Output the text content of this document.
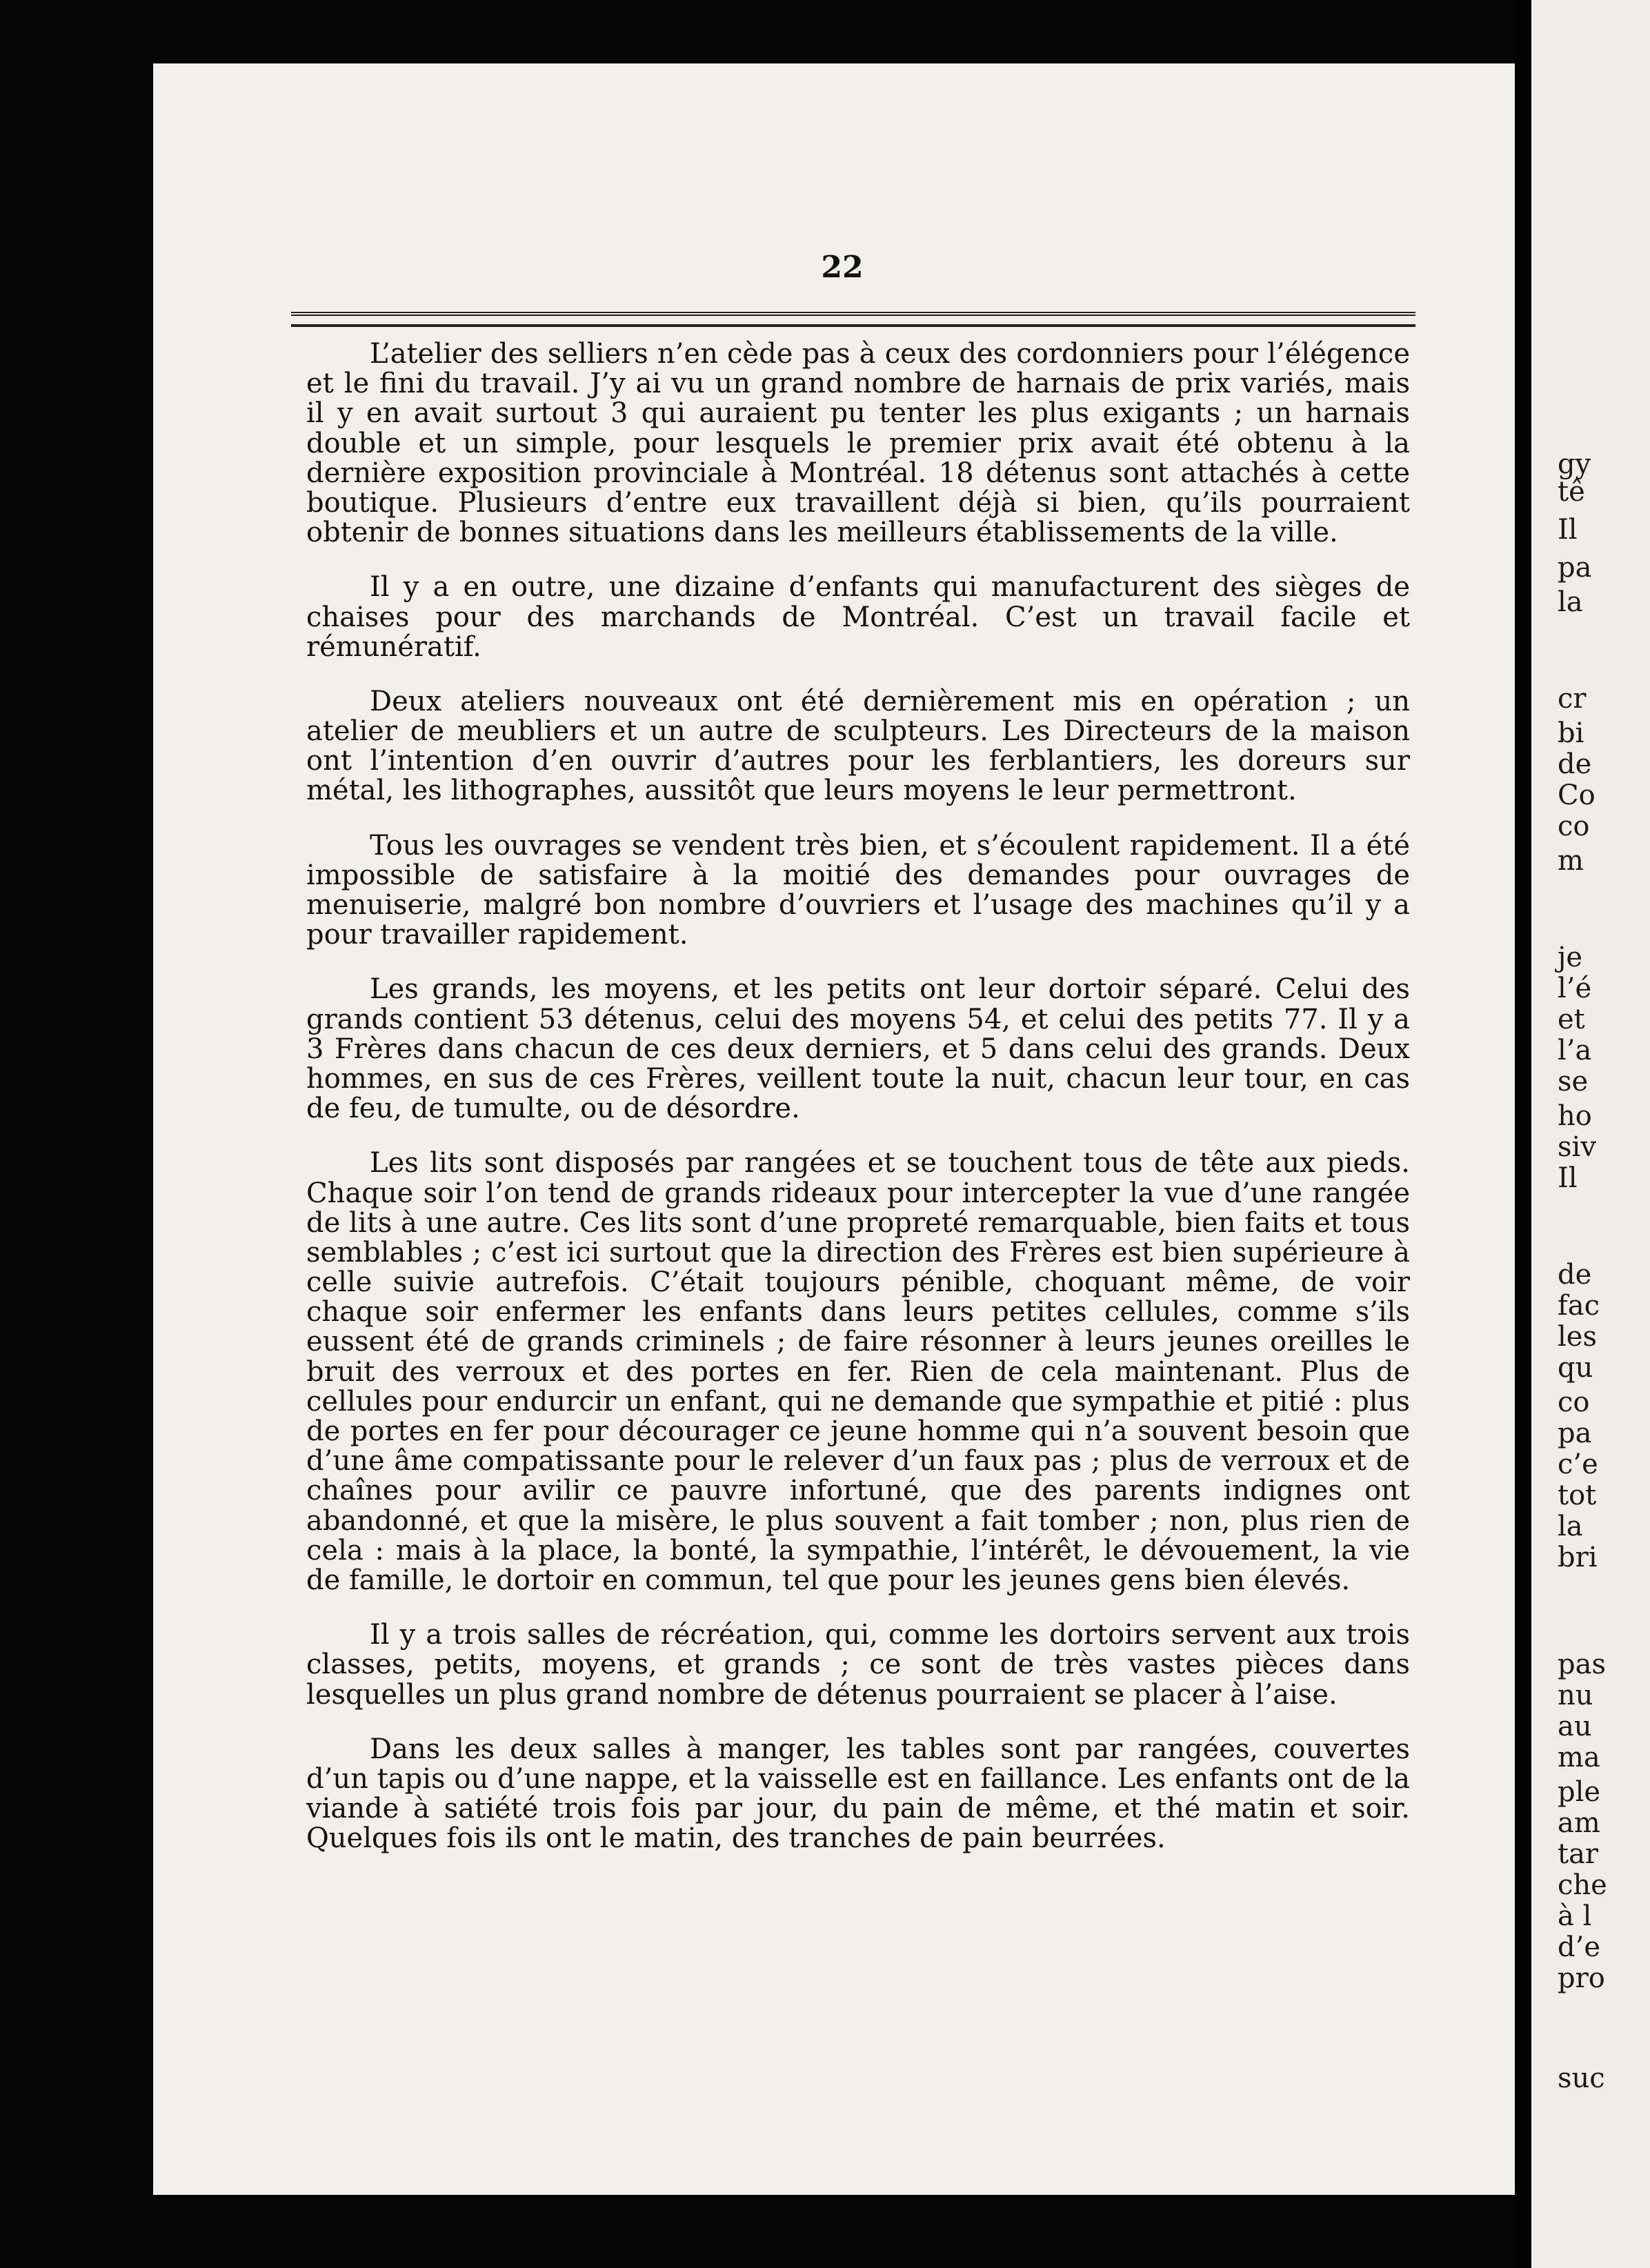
22

L’atelier des selliers n’en cède pas à ceux des cordonniers pour l’élégence et le fini du travail. J’y ai vu un grand nombre de harnais de prix variés, mais il y en avait surtout 3 qui auraient pu tenter les plus exigants ; un harnais double et un simple, pour lesquels le premier prix avait été obtenu à la dernière exposition provinciale à Montréal. 18 détenus sont attachés à cette boutique. Plusieurs d’entre eux travaillent déjà si bien, qu’ils pourraient obtenir de bonnes situations dans les meilleurs établissements de la ville.

Il y a en outre, une dizaine d’enfants qui manufacturent des sièges de chaises pour des marchands de Montréal. C’est un travail facile et rémunératif.

Deux ateliers nouveaux ont été dernièrement mis en opération ; un atelier de meubliers et un autre de sculpteurs. Les Directeurs de la maison ont l’intention d’en ouvrir d’autres pour les ferblantiers, les doreurs sur métal, les lithographes, aussitôt que leurs moyens le leur permettront.

Tous les ouvrages se vendent très bien, et s’écoulent rapidement. Il a été impossible de satisfaire à la moitié des demandes pour ouvrages de menuiserie, malgré bon nombre d’ouvriers et l’usage des machines qu’il y a pour travailler rapidement.

Les grands, les moyens, et les petits ont leur dortoir séparé. Celui des grands contient 53 détenus, celui des moyens 54, et celui des petits 77. Il y a 3 Frères dans chacun de ces deux derniers, et 5 dans celui des grands. Deux hommes, en sus de ces Frères, veillent toute la nuit, chacun leur tour, en cas de feu, de tumulte, ou de désordre.

Les lits sont disposés par rangées et se touchent tous de tête aux pieds. Chaque soir l’on tend de grands rideaux pour intercepter la vue d’une rangée de lits à une autre. Ces lits sont d’une propreté remarquable, bien faits et tous semblables ; c’est ici surtout que la direction des Frères est bien supérieure à celle suivie autrefois. C’était toujours pénible, choquant même, de voir chaque soir enfermer les enfants dans leurs petites cellules, comme s’ils eussent été de grands criminels ; de faire résonner à leurs jeunes oreilles le bruit des verroux et des portes en fer. Rien de cela maintenant. Plus de cellules pour endurcir un enfant, qui ne demande que sympathie et pitié : plus de portes en fer pour décourager ce jeune homme qui n’a souvent besoin que d’une âme compatissante pour le relever d’un faux pas ; plus de verroux et de chaînes pour avilir ce pauvre infortuné, que des parents indignes ont abandonné, et que la misère, le plus souvent a fait tomber ; non, plus rien de cela : mais à la place, la bonté, la sympathie, l’intérêt, le dévouement, la vie de famille, le dortoir en commun, tel que pour les jeunes gens bien élevés.

Il y a trois salles de récréation, qui, comme les dortoirs servent aux trois classes, petits, moyens, et grands ; ce sont de très vastes pièces dans lesquelles un plus grand nombre de détenus pourraient se placer à l’aise.

Dans les deux salles à manger, les tables sont par rangées, couvertes d’un tapis ou d’une nappe, et la vaisselle est en faillance. Les enfants ont de la viande à satiété trois fois par jour, du pain de même, et thé matin et soir. Quelques fois ils ont le matin, des tranches de pain beurrées.

gy
tê
Il
pa
la
cr
bi
de
Co
co
m
je
l’é
et
l’a
se
ho
siv
Il
de
fac
les
qu
co
pa
c’e
tot
la
bri
pas
nu
au
ma
ple
am
tar
che
à l
d’e
pro
suc
